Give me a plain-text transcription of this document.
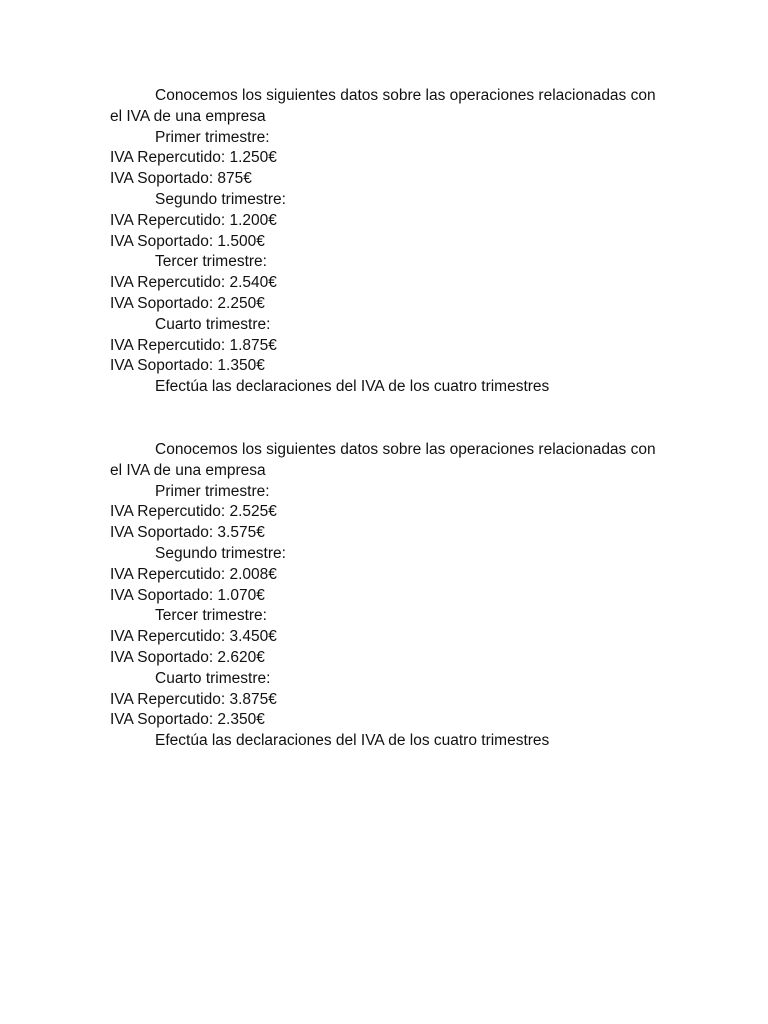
Conocemos los siguientes datos sobre las operaciones relacionadas con el IVA de una empresa
Primer trimestre:
IVA Repercutido: 1.250€
IVA Soportado: 875€
Segundo trimestre:
IVA Repercutido: 1.200€
IVA Soportado: 1.500€
Tercer trimestre:
IVA Repercutido: 2.540€
IVA Soportado: 2.250€
Cuarto trimestre:
IVA Repercutido: 1.875€
IVA Soportado: 1.350€
Efectúa las declaraciones del IVA de los cuatro trimestres
Conocemos los siguientes datos sobre las operaciones relacionadas con el IVA de una empresa
Primer trimestre:
IVA Repercutido: 2.525€
IVA Soportado: 3.575€
Segundo trimestre:
IVA Repercutido: 2.008€
IVA Soportado: 1.070€
Tercer trimestre:
IVA Repercutido: 3.450€
IVA Soportado: 2.620€
Cuarto trimestre:
IVA Repercutido: 3.875€
IVA Soportado: 2.350€
Efectúa las declaraciones del IVA de los cuatro trimestres
